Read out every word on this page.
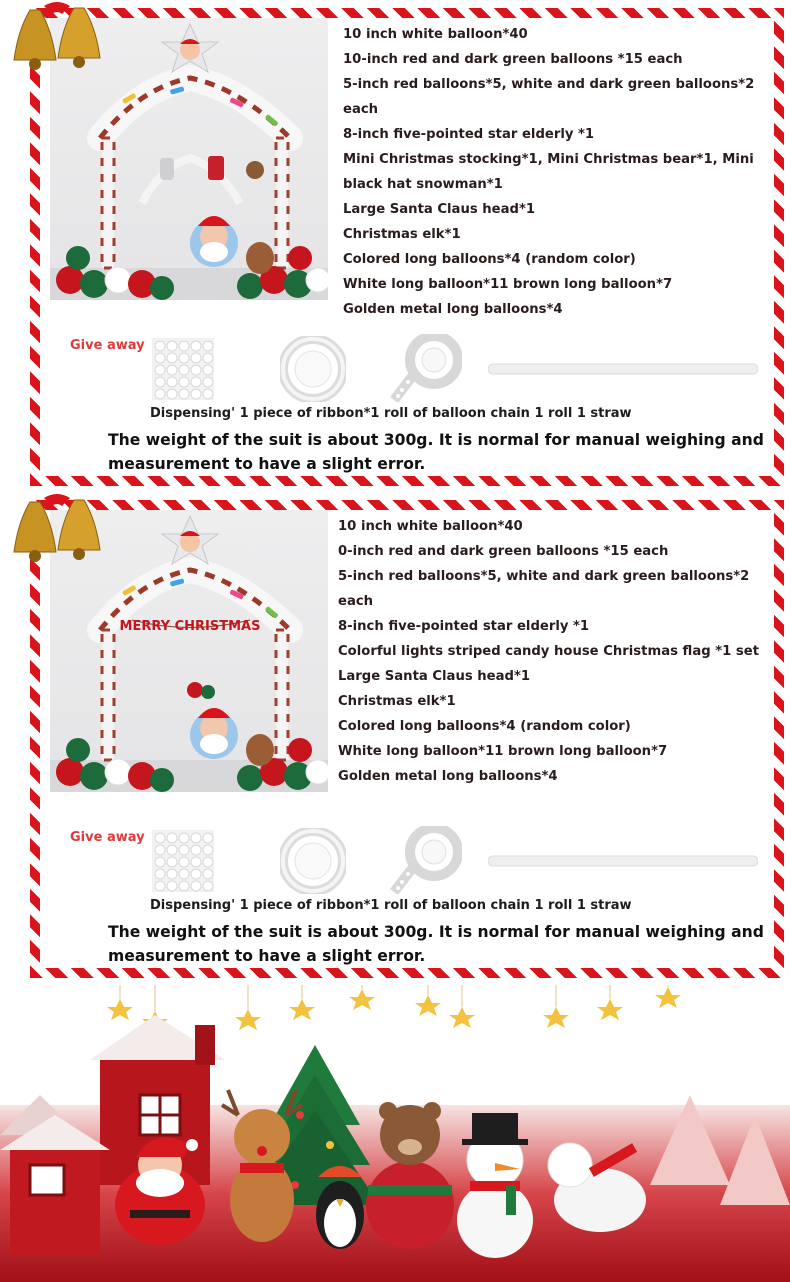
10 inch white balloon*40
10-inch red and dark green balloons *15 each
5-inch red balloons*5, white and dark green balloons*2 each
8-inch five-pointed star elderly *1
Mini Christmas stocking*1, Mini Christmas bear*1, Mini black hat snowman*1
Large Santa Claus head*1
Christmas elk*1
Colored long balloons*4 (random color)
White long balloon*11 brown long balloon*7
Golden metal long balloons*4
Give away
Dispensing' 1 piece of ribbon*1 roll of balloon chain 1 roll 1 straw
The weight of the suit is about 300g. It is normal for manual weighing and measurement to have a slight error.
MERRY CHRISTMAS
10 inch white balloon*40
0-inch red and dark green balloons *15 each
5-inch red balloons*5, white and dark green balloons*2 each
8-inch five-pointed star elderly *1
Colorful lights striped candy house Christmas flag *1 set
Large Santa Claus head*1
Christmas elk*1
Colored long balloons*4 (random color)
White long balloon*11 brown long balloon*7
Golden metal long balloons*4
Give away
Dispensing' 1 piece of ribbon*1 roll of balloon chain 1 roll 1 straw
The weight of the suit is about 300g. It is normal for manual weighing and measurement to have a slight error.
